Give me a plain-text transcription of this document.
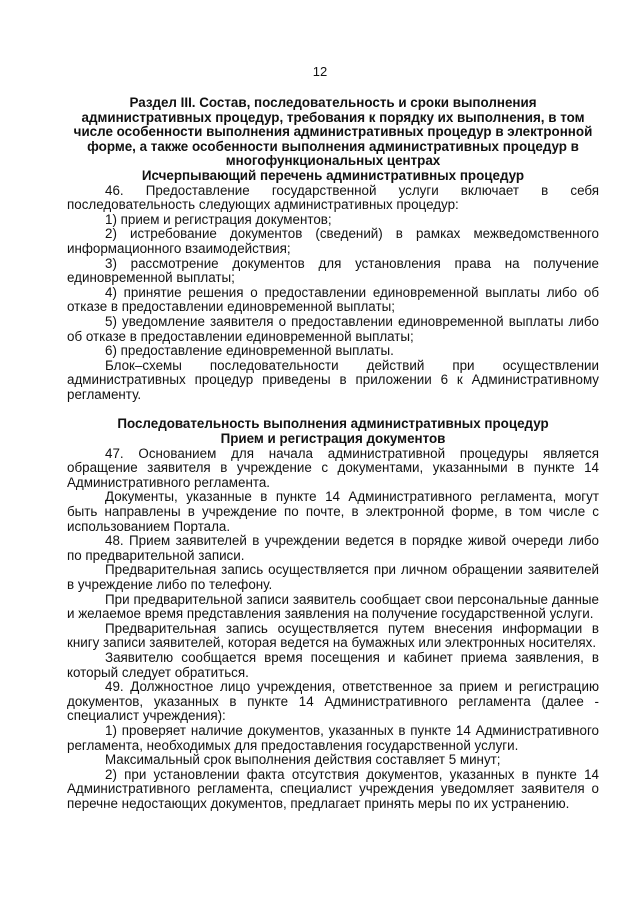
12

Раздел III. Состав, последовательность и сроки выполнения административных процедур, требования к порядку их выполнения, в том числе особенности выполнения административных процедур в электронной форме, а также особенности выполнения административных процедур в многофункциональных центрах

Исчерпывающий перечень административных процедур

46. Предоставление государственной услуги включает в себя последовательность следующих административных процедур:

1) прием и регистрация документов;

2) истребование документов (сведений) в рамках межведомственного информационного взаимодействия;

3) рассмотрение документов для установления права на получение единовременной выплаты;

4) принятие решения о предоставлении единовременной выплаты либо об отказе в предоставлении единовременной выплаты;

5) уведомление заявителя о предоставлении единовременной выплаты либо об отказе в предоставлении единовременной выплаты;

6) предоставление единовременной выплаты.

Блок–схемы последовательности действий при осуществлении административных процедур приведены в приложении 6 к Административному регламенту.

Последовательность выполнения административных процедур

Прием и регистрация документов

47. Основанием для начала административной процедуры является обращение заявителя в учреждение с документами, указанными в пункте 14 Административного регламента.

Документы, указанные в пункте 14 Административного регламента, могут быть направлены в учреждение по почте, в электронной форме, в том числе с использованием Портала.

48. Прием заявителей в учреждении ведется в порядке живой очереди либо по предварительной записи.

Предварительная запись осуществляется при личном обращении заявителей в учреждение либо по телефону.

При предварительной записи заявитель сообщает свои персональные данные и желаемое время представления заявления на получение государственной услуги.

Предварительная запись осуществляется путем внесения информации в книгу записи заявителей, которая ведется на бумажных или электронных носителях.

Заявителю сообщается время посещения и кабинет приема заявления, в который следует обратиться.

49. Должностное лицо учреждения, ответственное за прием и регистрацию документов, указанных в пункте 14 Административного регламента (далее - специалист учреждения):

1) проверяет наличие документов, указанных в пункте 14 Административного регламента, необходимых для предоставления государственной услуги.

Максимальный срок выполнения действия составляет 5 минут;

2) при установлении факта отсутствия документов, указанных в пункте 14 Административного регламента, специалист учреждения уведомляет заявителя о перечне недостающих документов, предлагает принять меры по их устранению.
